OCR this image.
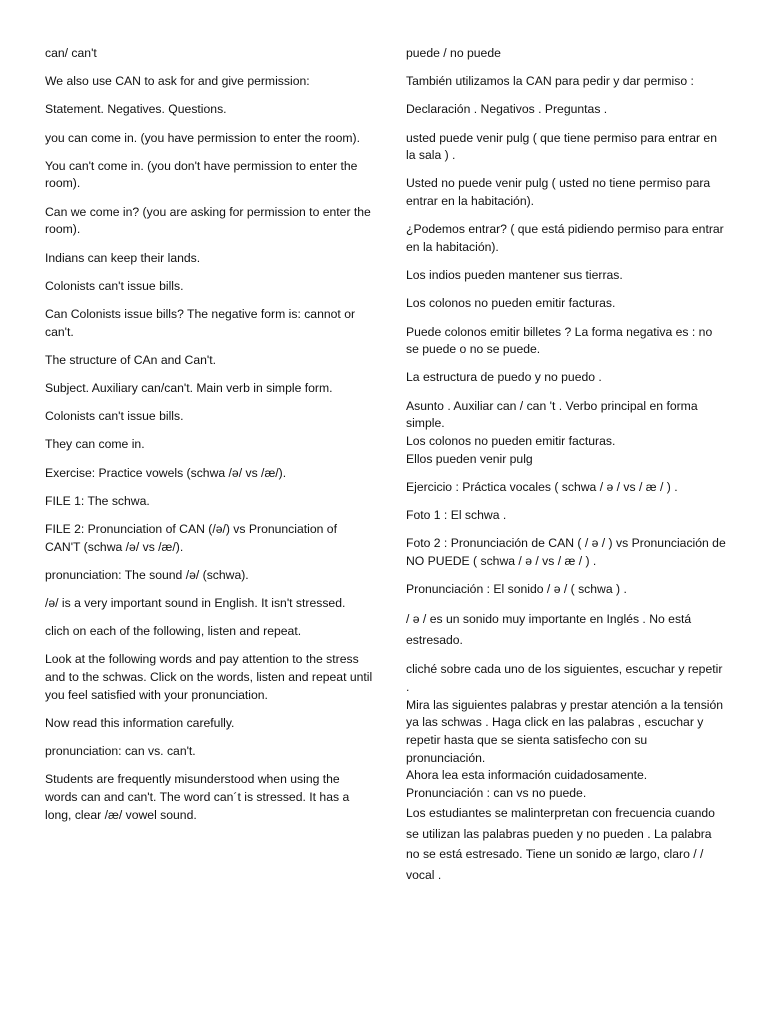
can/ can't

We also use CAN to ask for and give permission:

Statement. Negatives. Questions.

you can come in. (you have permission to enter the room).

You can't come in. (you don't have permission to enter the room).

Can we come in? (you are asking for permission to enter the room).

Indians can keep their lands.

Colonists can't issue bills.

Can Colonists issue bills? The negative form is: cannot or can't.

The structure of CAn and Can't.

Subject. Auxiliary can/can't. Main verb in simple form.

Colonists can't issue bills.

They can come in.

Exercise: Practice vowels (schwa /ə/ vs /æ/).

FILE 1: The schwa.

FILE 2: Pronunciation of CAN (/ə/) vs Pronunciation of CAN'T (schwa /ə/ vs /æ/).

pronunciation: The sound /ə/ (schwa).

/ə/ is a very important sound in English. It isn't stressed.

clich on each of the following, listen and repeat.

Look at the following words and pay attention to the stress and to the schwas. Click on the words, listen and repeat until you feel satisfied with your pronunciation.

Now read this information carefully.

pronunciation: can vs. can't.

Students are frequently misunderstood when using the words can and can't. The word can´t is stressed. It has a long, clear /æ/ vowel sound.

puede / no puede

También utilizamos la CAN para pedir y dar permiso :

Declaración . Negativos . Preguntas .

usted puede venir pulg ( que tiene permiso para entrar en la sala ) .

Usted no puede venir pulg ( usted no tiene permiso para entrar en la habitación).

¿Podemos entrar? ( que está pidiendo permiso para entrar en la habitación).

Los indios pueden mantener sus tierras.

Los colonos no pueden emitir facturas.

Puede colonos emitir billetes ? La forma negativa es : no se puede o no se puede.

La estructura de puedo y no puedo .

Asunto . Auxiliar can / can 't . Verbo principal en forma simple.

Los colonos no pueden emitir facturas.

Ellos pueden venir pulg

Ejercicio : Práctica vocales ( schwa / ə / vs / æ / ) .

Foto 1 : El schwa .

Foto 2 : Pronunciación de CAN ( / ə / ) vs Pronunciación de NO PUEDE ( schwa / ə / vs / æ / ) .

Pronunciación : El sonido / ə / ( schwa ) .

/ ə / es un sonido muy importante en Inglés . No está estresado.

cliché sobre cada uno de los siguientes, escuchar y repetir .

Mira las siguientes palabras y prestar atención a la tensión ya las schwas . Haga click en las palabras , escuchar y repetir hasta que se sienta satisfecho con su pronunciación.

Ahora lea esta información cuidadosamente.

Pronunciación : can vs no puede.

Los estudiantes se malinterpretan con frecuencia cuando se utilizan las palabras pueden y no pueden . La palabra no se está estresado. Tiene un sonido æ largo, claro / / vocal .
